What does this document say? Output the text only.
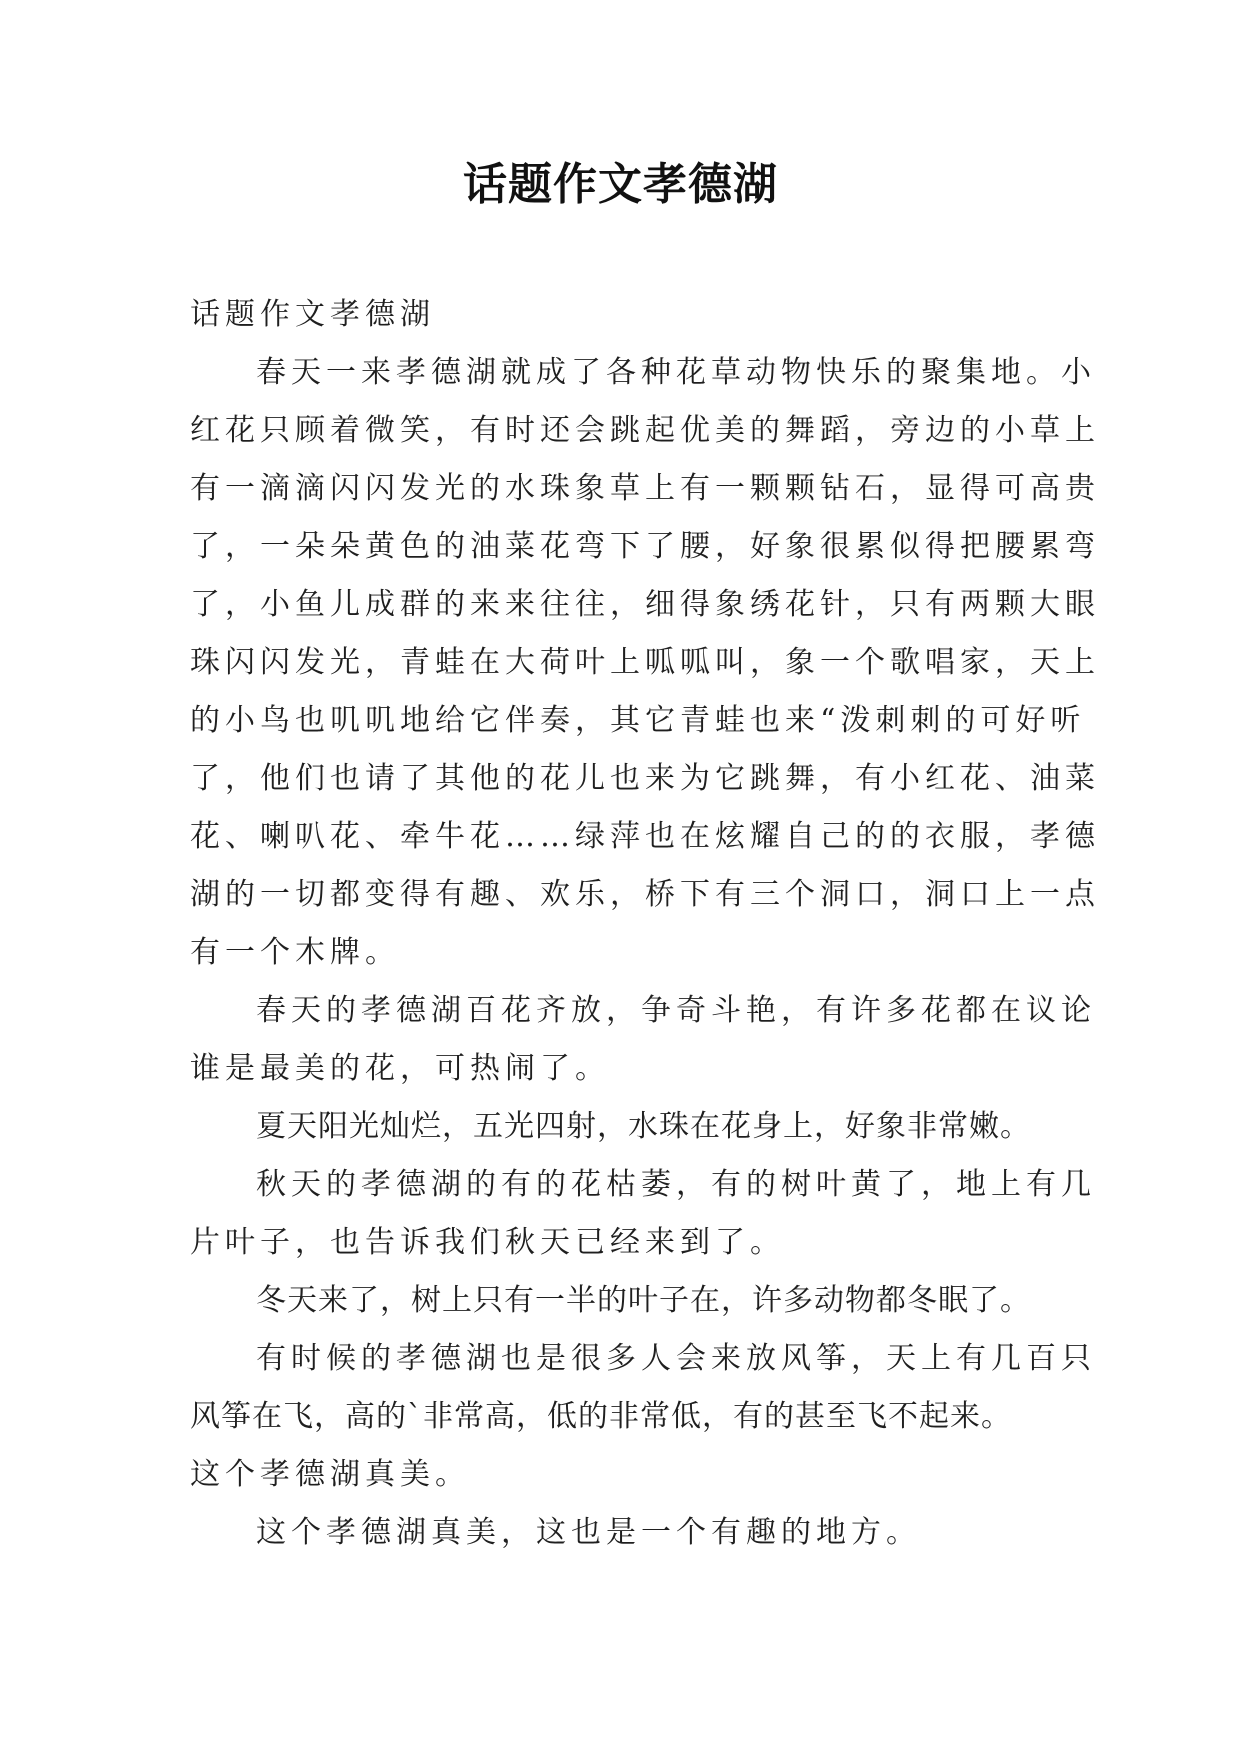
话题作文孝德湖

话题作文孝德湖

春天一来孝德湖就成了各种花草动物快乐的聚集地。小

红花只顾着微笑，有时还会跳起优美的舞蹈，旁边的小草上

有一滴滴闪闪发光的水珠象草上有一颗颗钻石，显得可高贵

了，一朵朵黄色的油菜花弯下了腰，好象很累似得把腰累弯

了，小鱼儿成群的来来往往，细得象绣花针，只有两颗大眼

珠闪闪发光，青蛙在大荷叶上呱呱叫，象一个歌唱家，天上

的小鸟也叽叽地给它伴奏，其它青蛙也来“泼刺刺的可好听

了，他们也请了其他的花儿也来为它跳舞，有小红花、油菜

花、喇叭花、牵牛花……绿萍也在炫耀自己的的衣服，孝德

湖的一切都变得有趣、欢乐，桥下有三个洞口，洞口上一点

有一个木牌。

春天的孝德湖百花齐放，争奇斗艳，有许多花都在议论

谁是最美的花，可热闹了。

夏天阳光灿烂，五光四射，水珠在花身上，好象非常嫩。

秋天的孝德湖的有的花枯萎，有的树叶黄了，地上有几

片叶子，也告诉我们秋天已经来到了。

冬天来了，树上只有一半的叶子在，许多动物都冬眠了。

有时候的孝德湖也是很多人会来放风筝，天上有几百只

风筝在飞，高的`非常高，低的非常低，有的甚至飞不起来。

这个孝德湖真美。

这个孝德湖真美，这也是一个有趣的地方。
